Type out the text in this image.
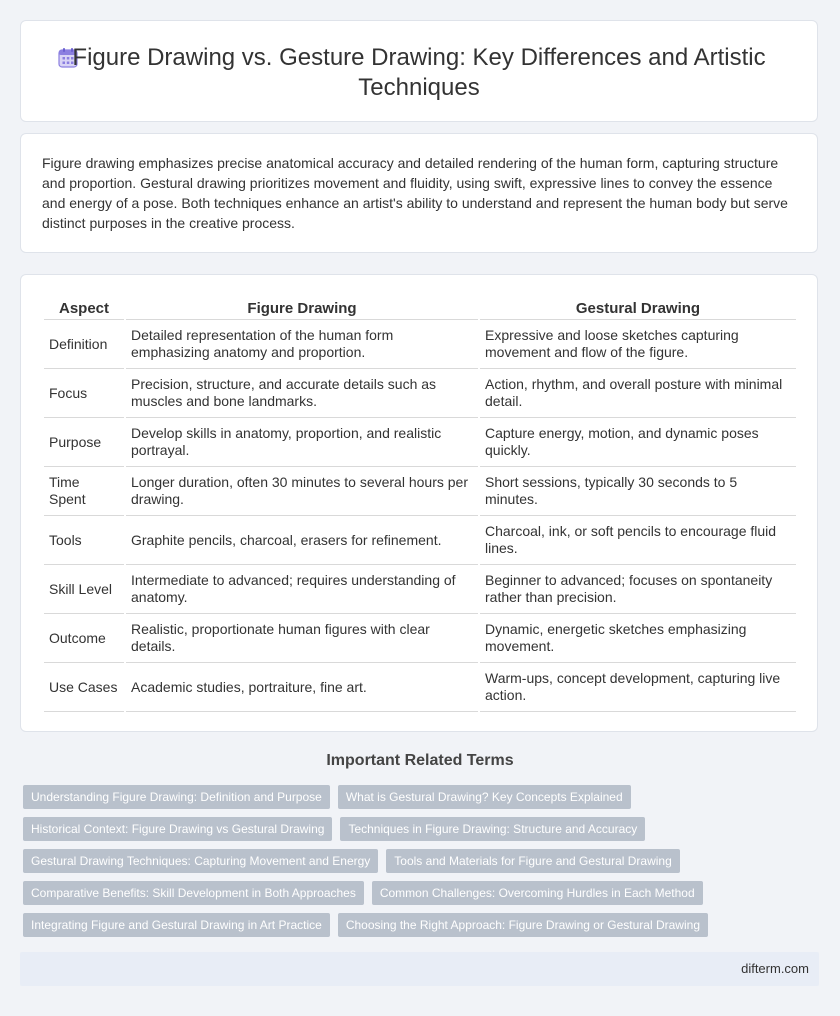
Figure Drawing vs. Gesture Drawing: Key Differences and Artistic Techniques

Figure drawing emphasizes precise anatomical accuracy and detailed rendering of the human form, capturing structure and proportion. Gestural drawing prioritizes movement and fluidity, using swift, expressive lines to convey the essence and energy of a pose. Both techniques enhance an artist's ability to understand and represent the human body but serve distinct purposes in the creative process.

Aspect	Figure Drawing	Gestural Drawing
Definition	Detailed representation of the human form emphasizing anatomy and proportion.	Expressive and loose sketches capturing movement and flow of the figure.
Focus	Precision, structure, and accurate details such as muscles and bone landmarks.	Action, rhythm, and overall posture with minimal detail.
Purpose	Develop skills in anatomy, proportion, and realistic portrayal.	Capture energy, motion, and dynamic poses quickly.
Time Spent	Longer duration, often 30 minutes to several hours per drawing.	Short sessions, typically 30 seconds to 5 minutes.
Tools	Graphite pencils, charcoal, erasers for refinement.	Charcoal, ink, or soft pencils to encourage fluid lines.
Skill Level	Intermediate to advanced; requires understanding of anatomy.	Beginner to advanced; focuses on spontaneity rather than precision.
Outcome	Realistic, proportionate human figures with clear details.	Dynamic, energetic sketches emphasizing movement.
Use Cases	Academic studies, portraiture, fine art.	Warm-ups, concept development, capturing live action.
Important Related Terms
Understanding Figure Drawing: Definition and Purpose	What is Gestural Drawing? Key Concepts Explained
Historical Context: Figure Drawing vs Gestural Drawing	Techniques in Figure Drawing: Structure and Accuracy
Gestural Drawing Techniques: Capturing Movement and Energy	Tools and Materials for Figure and Gestural Drawing
Comparative Benefits: Skill Development in Both Approaches	Common Challenges: Overcoming Hurdles in Each Method
Integrating Figure and Gestural Drawing in Art Practice	Choosing the Right Approach: Figure Drawing or Gestural Drawing
difterm.com
